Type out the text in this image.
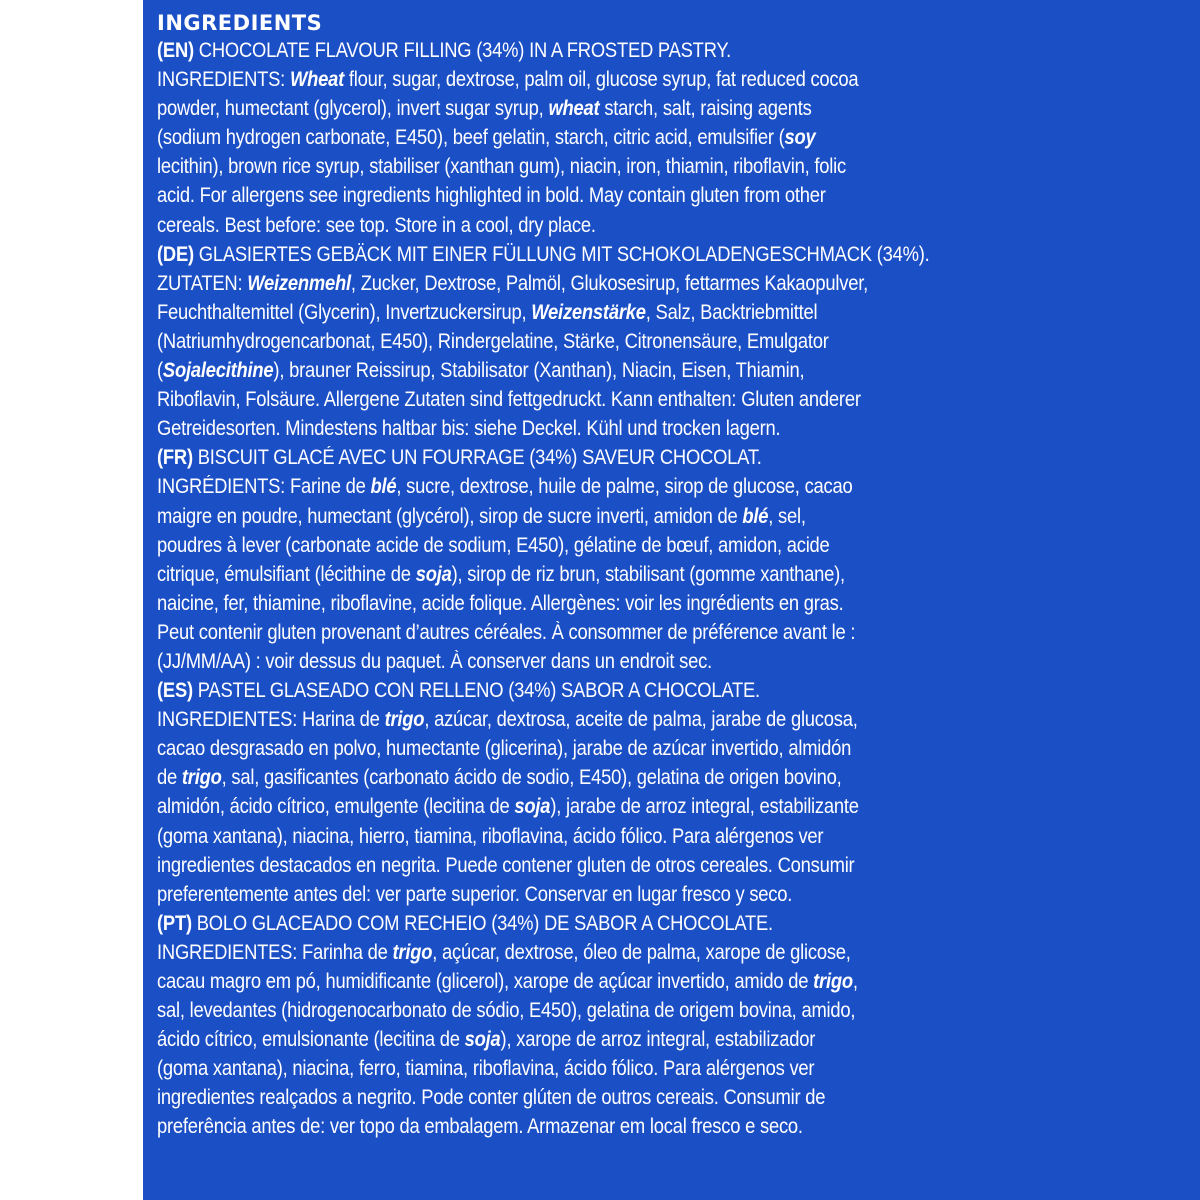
INGREDIENTS
(EN) CHOCOLATE FLAVOUR FILLING (34%) IN A FROSTED PASTRY.
INGREDIENTS: Wheat flour, sugar, dextrose, palm oil, glucose syrup, fat reduced cocoa
powder, humectant (glycerol), invert sugar syrup, wheat starch, salt, raising agents
(sodium hydrogen carbonate, E450), beef gelatin, starch, citric acid, emulsifier (soy
lecithin), brown rice syrup, stabiliser (xanthan gum), niacin, iron, thiamin, riboflavin, folic
acid. For allergens see ingredients highlighted in bold. May contain gluten from other
cereals. Best before: see top. Store in a cool, dry place.
(DE) GLASIERTES GEBÄCK MIT EINER FÜLLUNG MIT SCHOKOLADENGESCHMACK (34%).
ZUTATEN: Weizenmehl, Zucker, Dextrose, Palmöl, Glukosesirup, fettarmes Kakaopulver,
Feuchthaltemittel (Glycerin), Invertzuckersirup, Weizenstärke, Salz, Backtriebmittel
(Natriumhydrogencarbonat, E450), Rindergelatine, Stärke, Citronensäure, Emulgator
(Sojalecithine), brauner Reissirup, Stabilisator (Xanthan), Niacin, Eisen, Thiamin,
Riboflavin, Folsäure. Allergene Zutaten sind fettgedruckt. Kann enthalten: Gluten anderer
Getreidesorten. Mindestens haltbar bis: siehe Deckel. Kühl und trocken lagern.
(FR) BISCUIT GLACÉ AVEC UN FOURRAGE (34%) SAVEUR CHOCOLAT.
INGRÉDIENTS: Farine de blé, sucre, dextrose, huile de palme, sirop de glucose, cacao
maigre en poudre, humectant (glycérol), sirop de sucre inverti, amidon de blé, sel,
poudres à lever (carbonate acide de sodium, E450), gélatine de bœuf, amidon, acide
citrique, émulsifiant (lécithine de soja), sirop de riz brun, stabilisant (gomme xanthane),
naicine, fer, thiamine, riboflavine, acide folique. Allergènes: voir les ingrédients en gras.
Peut contenir gluten provenant d’autres céréales. À consommer de préférence avant le :
(JJ/MM/AA) : voir dessus du paquet. À conserver dans un endroit sec.
(ES) PASTEL GLASEADO CON RELLENO (34%) SABOR A CHOCOLATE.
INGREDIENTES: Harina de trigo, azúcar, dextrosa, aceite de palma, jarabe de glucosa,
cacao desgrasado en polvo, humectante (glicerina), jarabe de azúcar invertido, almidón
de trigo, sal, gasificantes (carbonato ácido de sodio, E450), gelatina de origen bovino,
almidón, ácido cítrico, emulgente (lecitina de soja), jarabe de arroz integral, estabilizante
(goma xantana), niacina, hierro, tiamina, riboflavina, ácido fólico. Para alérgenos ver
ingredientes destacados en negrita. Puede contener gluten de otros cereales. Consumir
preferentemente antes del: ver parte superior. Conservar en lugar fresco y seco.
(PT) BOLO GLACEADO COM RECHEIO (34%) DE SABOR A CHOCOLATE.
INGREDIENTES: Farinha de trigo, açúcar, dextrose, óleo de palma, xarope de glicose,
cacau magro em pó, humidificante (glicerol), xarope de açúcar invertido, amido de trigo,
sal, levedantes (hidrogenocarbonato de sódio, E450), gelatina de origem bovina, amido,
ácido cítrico, emulsionante (lecitina de soja), xarope de arroz integral, estabilizador
(goma xantana), niacina, ferro, tiamina, riboflavina, ácido fólico. Para alérgenos ver
ingredientes realçados a negrito. Pode conter glúten de outros cereais. Consumir de
preferência antes de: ver topo da embalagem. Armazenar em local fresco e seco.
